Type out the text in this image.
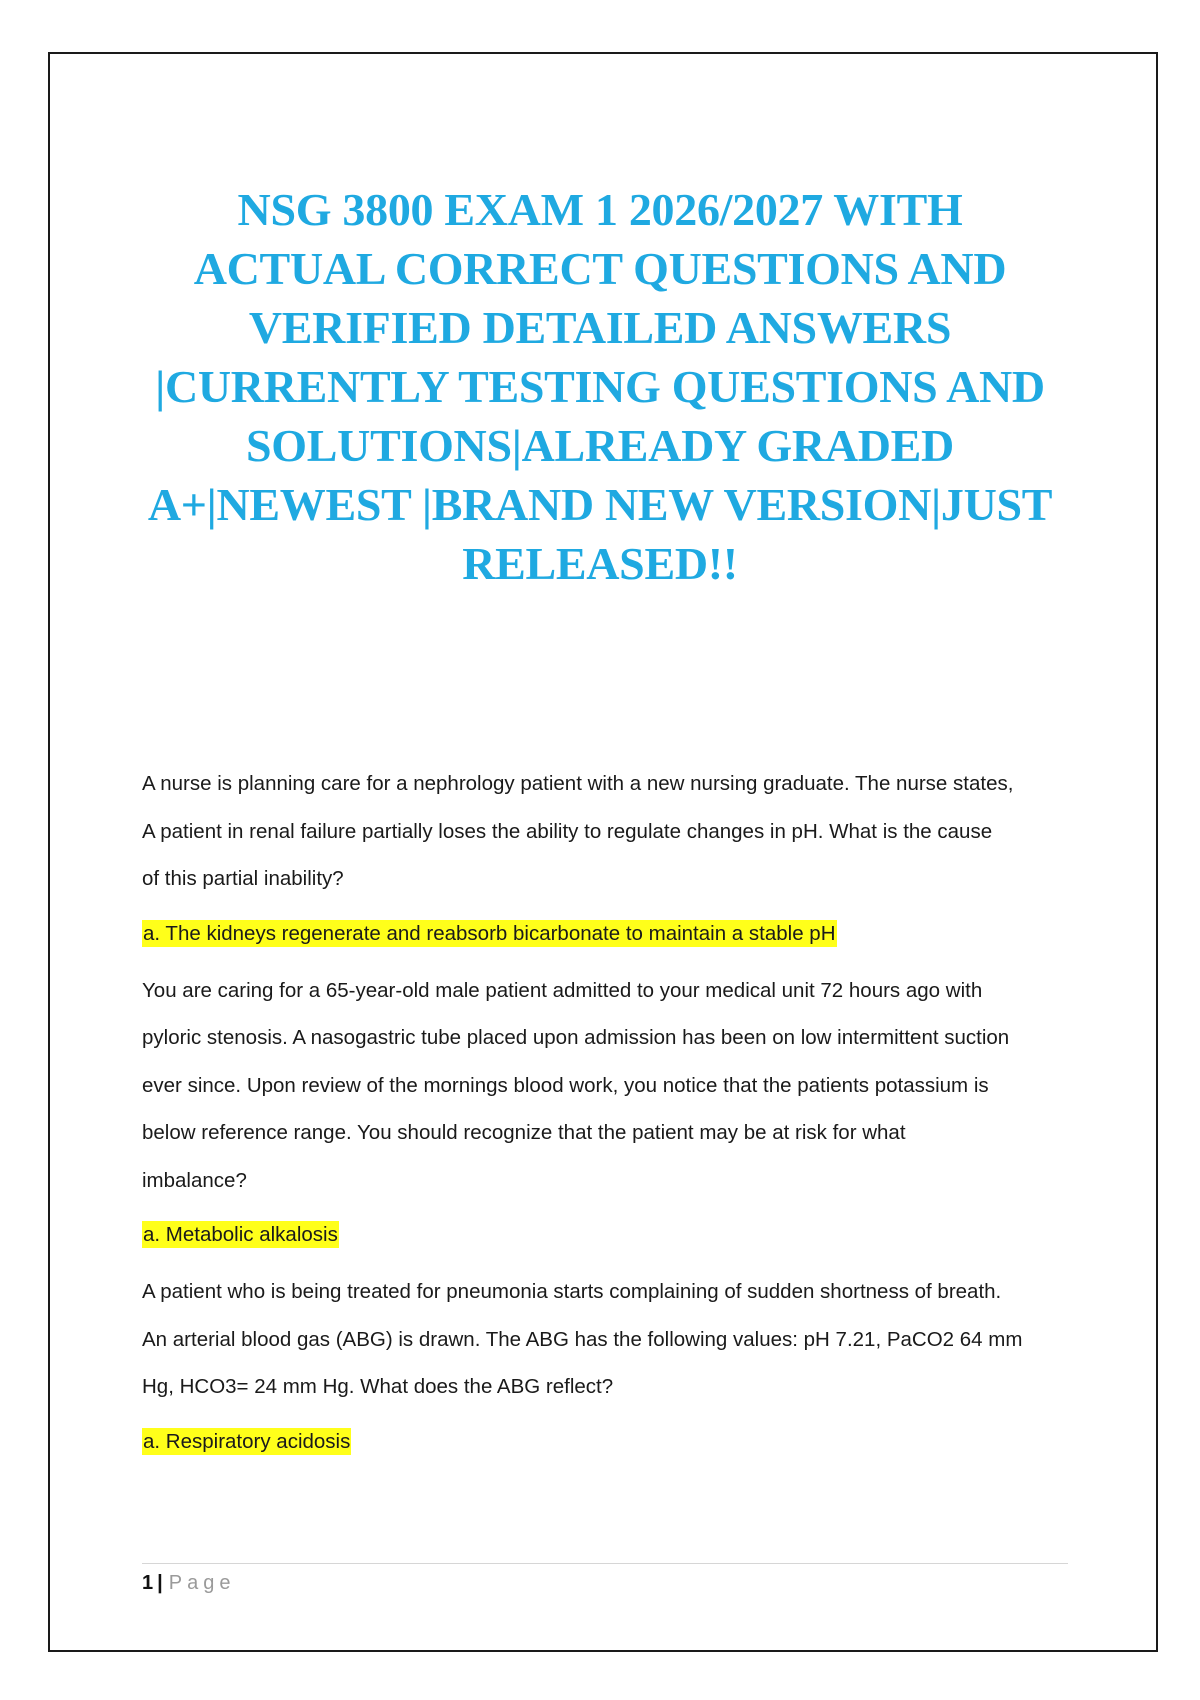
NSG 3800 EXAM 1 2026/2027 WITH
ACTUAL CORRECT QUESTIONS AND
VERIFIED DETAILED ANSWERS
|CURRENTLY TESTING QUESTIONS AND
SOLUTIONS|ALREADY GRADED
A+|NEWEST |BRAND NEW VERSION|JUST
RELEASED!!

A nurse is planning care for a nephrology patient with a new nursing graduate. The nurse states,
A patient in renal failure partially loses the ability to regulate changes in pH. What is the cause
of this partial inability?

a. The kidneys regenerate and reabsorb bicarbonate to maintain a stable pH

You are caring for a 65-year-old male patient admitted to your medical unit 72 hours ago with
pyloric stenosis. A nasogastric tube placed upon admission has been on low intermittent suction
ever since. Upon review of the mornings blood work, you notice that the patients potassium is
below reference range. You should recognize that the patient may be at risk for what
imbalance?

a. Metabolic alkalosis

A patient who is being treated for pneumonia starts complaining of sudden shortness of breath.
An arterial blood gas (ABG) is drawn. The ABG has the following values: pH 7.21, PaCO2 64 mm
Hg, HCO3= 24 mm Hg. What does the ABG reflect?

a. Respiratory acidosis

1 | Page
